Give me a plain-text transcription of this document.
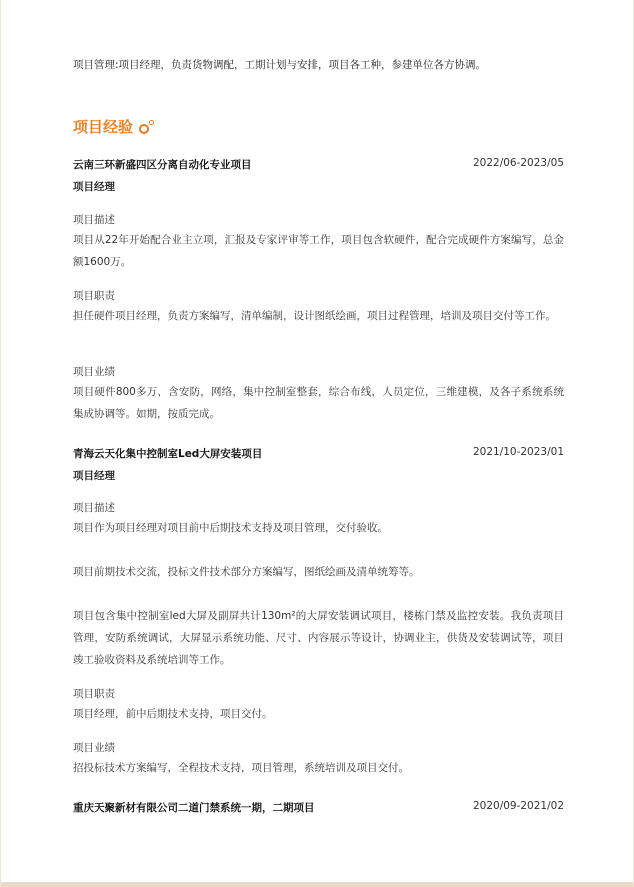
项目管理:项目经理，负责货物调配，工期计划与安排，项目各工种，参建单位各方协调。
项目经验
云南三环新盛四区分离自动化专业项目	2022/06-2023/05
项目经理
项目描述
项目从22年开始配合业主立项，汇报及专家评审等工作，项目包含软硬件，配合完成硬件方案编写，总金额1600万。
项目职责
担任硬件项目经理，负责方案编写，清单编制，设计图纸绘画，项目过程管理，培训及项目交付等工作。
项目业绩
项目硬件800多万，含安防，网络，集中控制室整套，综合布线，人员定位，三维建模，及各子系统系统集成协调等。如期，按质完成。
青海云天化集中控制室Led大屏安装项目	2021/10-2023/01
项目经理
项目描述
项目作为项目经理对项目前中后期技术支持及项目管理，交付验收。
项目前期技术交流，投标文件技术部分方案编写，图纸绘画及清单统筹等。
项目包含集中控制室led大屏及副屏共计130m²的大屏安装调试项目，楼栋门禁及监控安装。我负责项目管理，安防系统调试，大屏显示系统功能、尺寸、内容展示等设计，协调业主，供货及安装调试等，项目竣工验收资料及系统培训等工作。
项目职责
项目经理，前中后期技术支持，项目交付。
项目业绩
招投标技术方案编写，全程技术支持，项目管理，系统培训及项目交付。
重庆天聚新材有限公司二道门禁系统一期，二期项目	2020/09-2021/02
